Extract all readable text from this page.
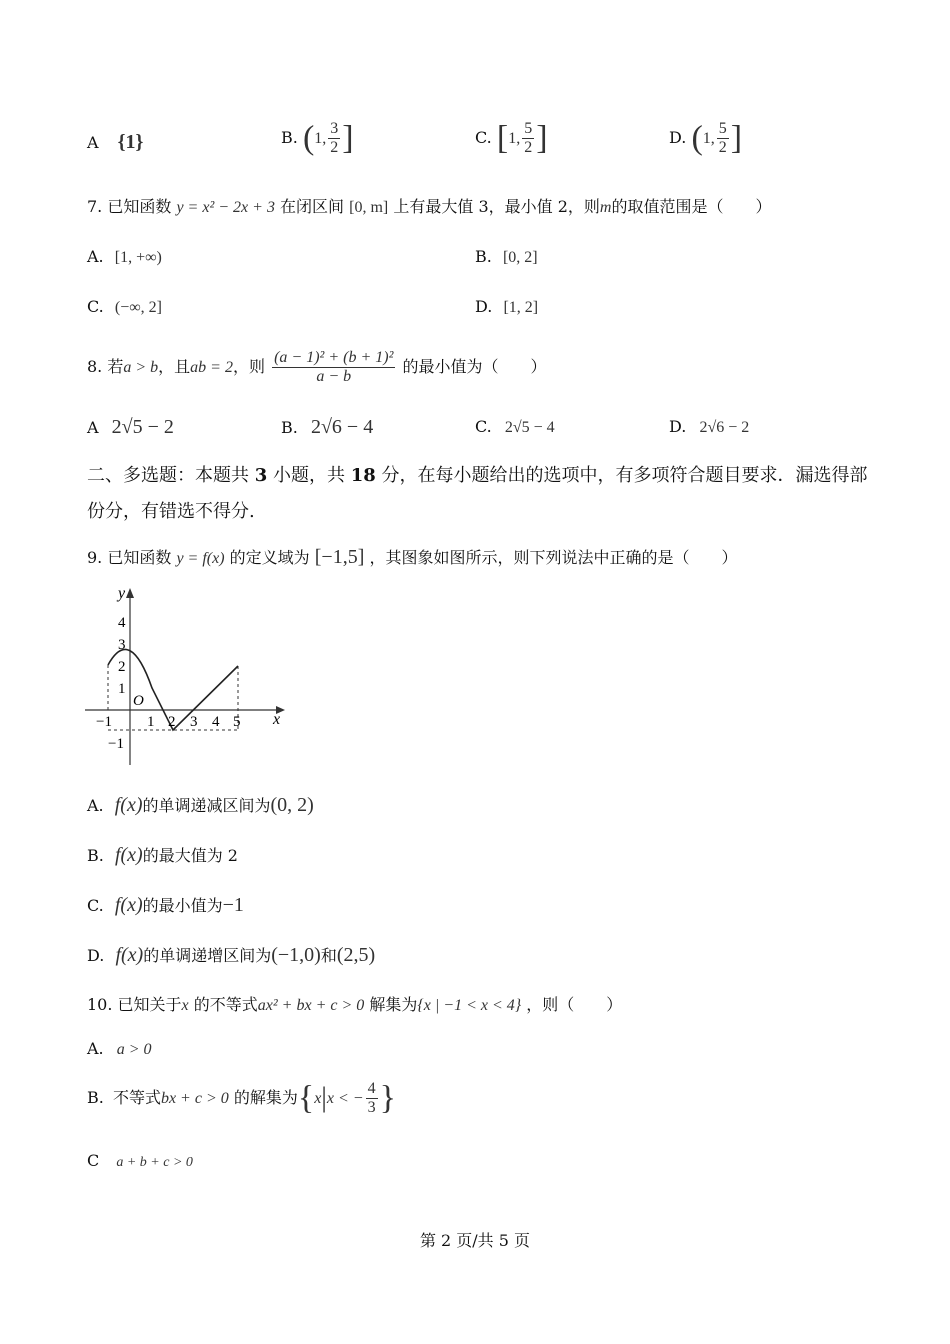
A {1}	B. (1, $\frac{3}{2}$ ]	C. [1, $\frac{5}{2}$ ]	D. (1, $\frac{5}{2}$ ]
7. 已知函数 y = x² − 2x + 3 在闭区间 [0, m] 上有最大值 3，最小值 2，则m的取值范围是（　　）
A. [1, +∞)	B. [0, 2]
C. (−∞, 2]	D. [1, 2]
8. 若a > b，且ab = 2，则 $\frac{\text{(a − 1)² + (b + 1)²}}{a - b}$ 的最小值为（　　）
A 2√5 − 2	B. 2√6 − 4	C. 2√5 − 4	D. 2√6 − 2
二、多选题：本题共 3 小题，共 18 分，在每小题给出的选项中，有多项符合题目要求．漏选得部份分，有错选不得分.
9. 已知函数 y = f(x) 的定义域为 [−1,5] ，其图象如图所示，则下列说法中正确的是（　　）
y
x
O
4
3
2
1
−1
−1 1 2 3 4 5
A. f(x)的单调递减区间为(0, 2)
B. f(x)的最大值为 2
C. f(x)的最小值为−1
D. f(x)的单调递增区间为(−1,0)和(2,5)
10. 已知关于x 的不等式ax² + bx + c > 0 解集为{x | −1 < x < 4} ，则（　　）
A. a > 0
B. 不等式bx + c > 0 的解集为{x|x < − $\frac{4}{3}$ }
C a + b + c > 0
第 2 页/共 5 页
